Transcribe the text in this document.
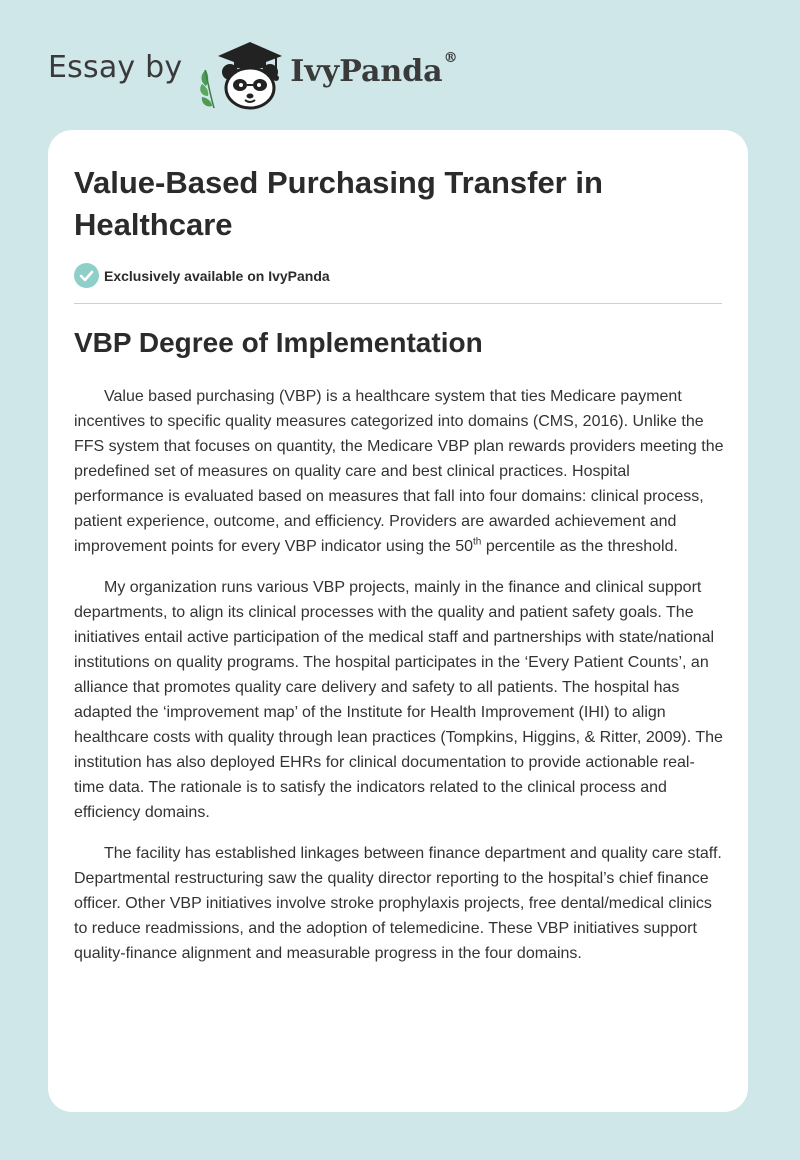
Essay by	IvyPanda®
Value-Based Purchasing Transfer in Healthcare
Exclusively available on IvyPanda
VBP Degree of Implementation

Value based purchasing (VBP) is a healthcare system that ties Medicare payment incentives to specific quality measures categorized into domains (CMS, 2016). Unlike the FFS system that focuses on quantity, the Medicare VBP plan rewards providers meeting the predefined set of measures on quality care and best clinical practices. Hospital performance is evaluated based on measures that fall into four domains: clinical process, patient experience, outcome, and efficiency. Providers are awarded achievement and improvement points for every VBP indicator using the 50th percentile as the threshold.

My organization runs various VBP projects, mainly in the finance and clinical support departments, to align its clinical processes with the quality and patient safety goals. The initiatives entail active participation of the medical staff and partnerships with state/national institutions on quality programs. The hospital participates in the ‘Every Patient Counts’, an alliance that promotes quality care delivery and safety to all patients. The hospital has adapted the ‘improvement map’ of the Institute for Health Improvement (IHI) to align healthcare costs with quality through lean practices (Tompkins, Higgins, & Ritter, 2009). The institution has also deployed EHRs for clinical documentation to provide actionable real-time data. The rationale is to satisfy the indicators related to the clinical process and efficiency domains.

The facility has established linkages between finance department and quality care staff. Departmental restructuring saw the quality director reporting to the hospital’s chief finance officer. Other VBP initiatives involve stroke prophylaxis projects, free dental/medical clinics to reduce readmissions, and the adoption of telemedicine. These VBP initiatives support quality-finance alignment and measurable progress in the four domains.
